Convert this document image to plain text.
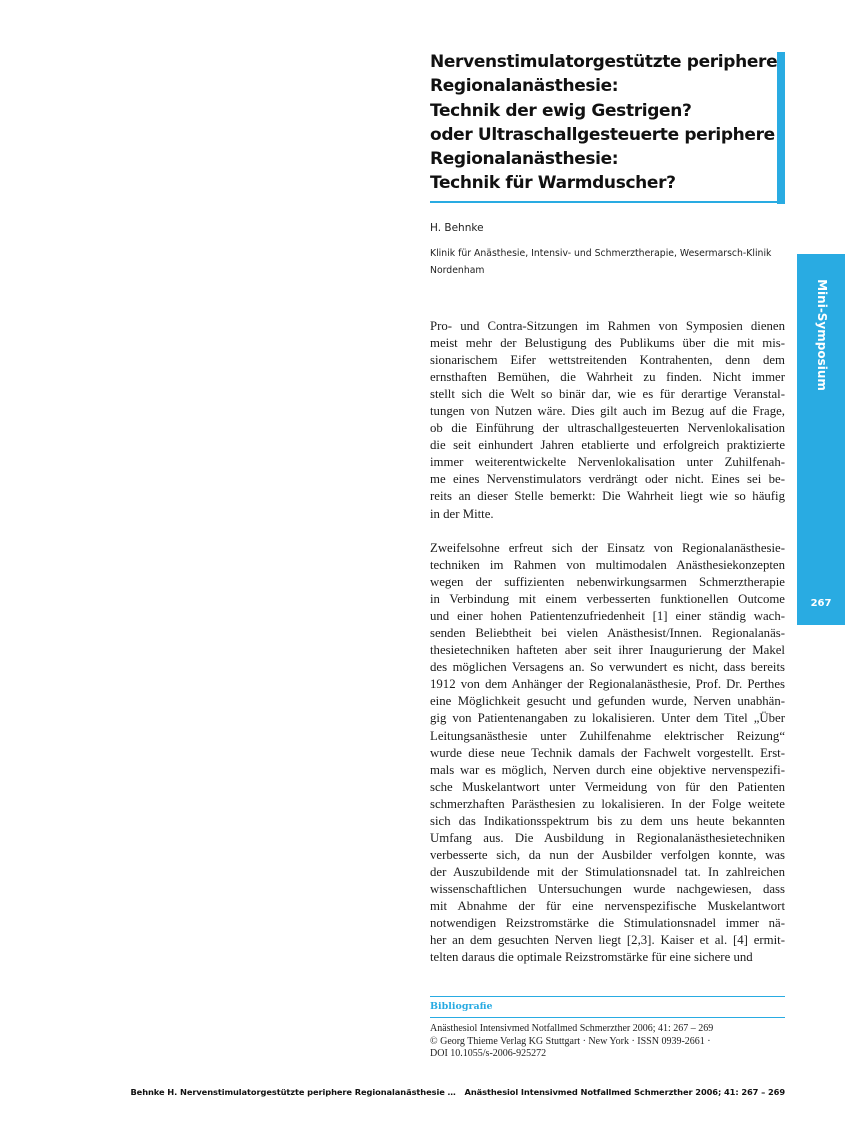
Nervenstimulatorgestützte periphere
Regionalanästhesie:
Technik der ewig Gestrigen?
oder Ultraschallgesteuerte periphere
Regionalanästhesie:
Technik für Warmduscher?
H. Behnke
Klinik für Anästhesie, Intensiv- und Schmerztherapie, Wesermarsch-Klinik
Nordenham
Pro- und Contra-Sitzungen im Rahmen von Symposien dienen
meist mehr der Belustigung des Publikums über die mit mis-
sionarischem Eifer wettstreitenden Kontrahenten, denn dem
ernsthaften Bemühen, die Wahrheit zu finden. Nicht immer
stellt sich die Welt so binär dar, wie es für derartige Veranstal-
tungen von Nutzen wäre. Dies gilt auch im Bezug auf die Frage,
ob die Einführung der ultraschallgesteuerten Nervenlokalisation
die seit einhundert Jahren etablierte und erfolgreich praktizierte
immer weiterentwickelte Nervenlokalisation unter Zuhilfenah-
me eines Nervenstimulators verdrängt oder nicht. Eines sei be-
reits an dieser Stelle bemerkt: Die Wahrheit liegt wie so häufig
in der Mitte.
Zweifelsohne erfreut sich der Einsatz von Regionalanästhesie-
techniken im Rahmen von multimodalen Anästhesiekonzepten
wegen der suffizienten nebenwirkungsarmen Schmerztherapie
in Verbindung mit einem verbesserten funktionellen Outcome
und einer hohen Patientenzufriedenheit [1] einer ständig wach-
senden Beliebtheit bei vielen Anästhesist/Innen. Regionalanäs-
thesietechniken hafteten aber seit ihrer Inaugurierung der Makel
des möglichen Versagens an. So verwundert es nicht, dass bereits
1912 von dem Anhänger der Regionalanästhesie, Prof. Dr. Perthes
eine Möglichkeit gesucht und gefunden wurde, Nerven unabhän-
gig von Patientenangaben zu lokalisieren. Unter dem Titel „Über
Leitungsanästhesie unter Zuhilfenahme elektrischer Reizung“
wurde diese neue Technik damals der Fachwelt vorgestellt. Erst-
mals war es möglich, Nerven durch eine objektive nervenspezifi-
sche Muskelantwort unter Vermeidung von für den Patienten
schmerzhaften Parästhesien zu lokalisieren. In der Folge weitete
sich das Indikationsspektrum bis zu dem uns heute bekannten
Umfang aus. Die Ausbildung in Regionalanästhesietechniken
verbesserte sich, da nun der Ausbilder verfolgen konnte, was
der Auszubildende mit der Stimulationsnadel tat. In zahlreichen
wissenschaftlichen Untersuchungen wurde nachgewiesen, dass
mit Abnahme der für eine nervenspezifische Muskelantwort
notwendigen Reizstromstärke die Stimulationsnadel immer nä-
her an dem gesuchten Nerven liegt [2,3]. Kaiser et al. [4] ermit-
telten daraus die optimale Reizstromstärke für eine sichere und
Mini-Symposium
267
Bibliografie
Anästhesiol Intensivmed Notfallmed Schmerzther 2006; 41: 267 – 269
© Georg Thieme Verlag KG Stuttgart · New York · ISSN 0939-2661 ·
DOI 10.1055/s-2006-925272
Behnke H. Nervenstimulatorgestützte periphere Regionalanästhesie … Anästhesiol Intensivmed Notfallmed Schmerzther 2006; 41: 267 – 269
